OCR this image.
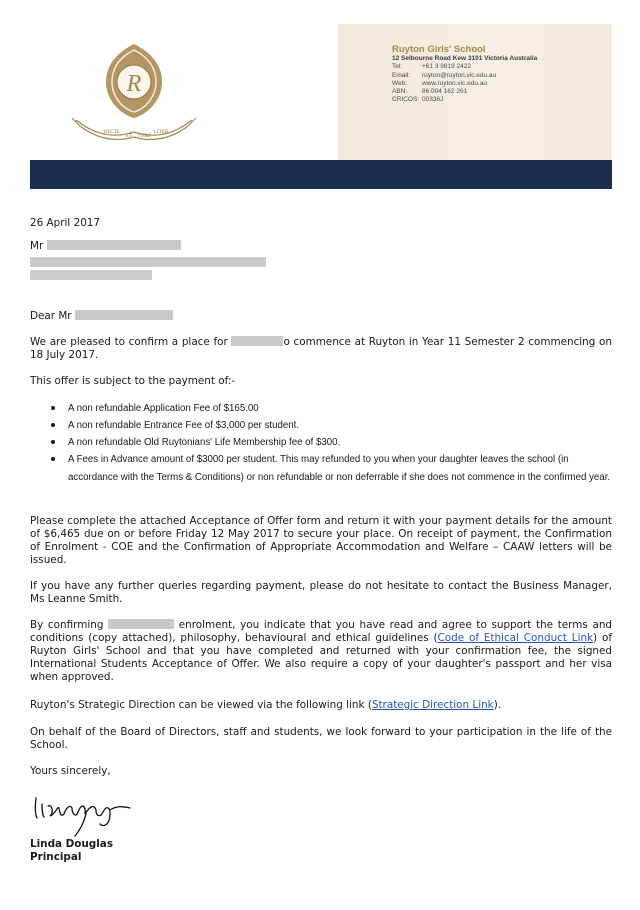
R
RECTE
ET VERE
LITER
Ruyton Girls' School
12 Selbourne Road Kew 3101 Victoria Australia
Tel:	+61 3 9819 2422
Email:	ruyton@ruyton.vic.edu.au
Web:	www.ruyton.vic.edu.au
ABN:	86 004 162 261
CRICOS: 00336J
26 April 2017
Mr
Dear Mr
We are pleased to confirm a place for	o commence at Ruyton in Year 11 Semester 2 commencing on 18 July 2017.
This offer is subject to the payment of:-
A non refundable Application Fee of $165.00
A non refundable Entrance Fee of $3,000 per student.
A non refundable Old Ruytonians' Life Membership fee of $300.
A Fees in Advance amount of $3000 per student. This may refunded to you when your daughter leaves the school (in accordance with the Terms & Conditions) or non refundable or non deferrable if she does not commence in the confirmed year.
Please complete the attached Acceptance of Offer form and return it with your payment details for the amount of $6,465 due on or before Friday 12 May 2017 to secure your place. On receipt of payment, the Confirmation of Enrolment - COE and the Confirmation of Appropriate Accommodation and Welfare – CAAW letters will be issued.
If you have any further queries regarding payment, please do not hesitate to contact the Business Manager, Ms Leanne Smith.
By confirming	enrolment, you indicate that you have read and agree to support the terms and conditions (copy attached), philosophy, behavioural and ethical guidelines (Code of Ethical Conduct Link) of Ruyton Girls' School and that you have completed and returned with your confirmation fee, the signed International Students Acceptance of Offer. We also require a copy of your daughter's passport and her visa when approved.
Ruyton's Strategic Direction can be viewed via the following link (Strategic Direction Link).
On behalf of the Board of Directors, staff and students, we look forward to your participation in the life of the School.
Yours sincerely,
Linda Douglas
Principal
